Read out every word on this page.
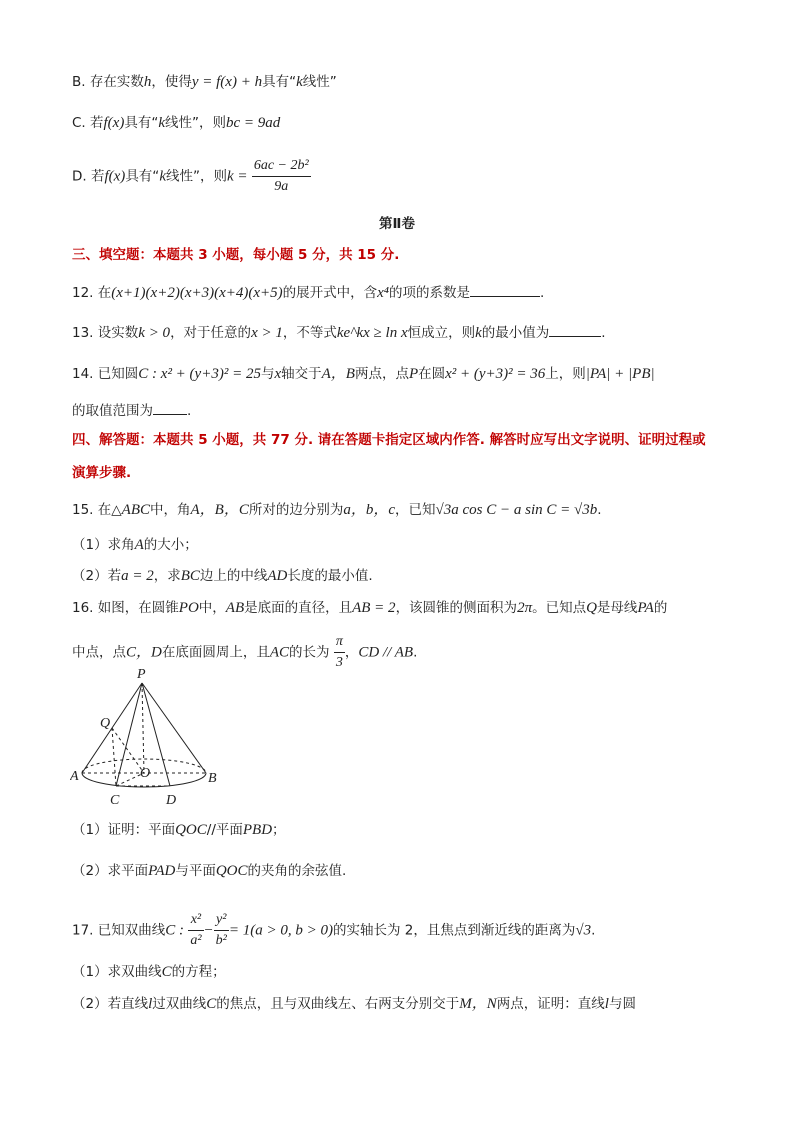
B. 存在实数h，使得y = f(x) + h具有“k线性”
C. 若f(x)具有“k线性”，则bc = 9ad
D. 若f(x)具有“k线性”，则$k = \frac{\text{6ac − 2b²}}{9a}$
第Ⅱ卷
三、填空题：本题共 3 小题，每小题 5 分，共 15 分.
12. 在(x+1)(x+2)(x+3)(x+4)(x+5)的展开式中，含x⁴的项的系数是	.
13. 设实数k > 0，对于任意的x > 1，不等式ke^kx ≥ ln x恒成立，则k的最小值为	.
14. 已知圆C : x² + (y+3)² = 25与x轴交于A，B两点，点P在圆x² + (y+3)² = 36上，则|PA| + |PB|
的取值范围为	.
四、解答题：本题共 5 小题，共 77 分. 请在答题卡指定区域内作答. 解答时应写出文字说明、证明过程或
演算步骤.
15. 在△ABC中，角A，B，C所对的边分别为a，b，c，已知√3a cos C − a sin C = √3b.
（1）求角A的大小；
（2）若a = 2，求BC边上的中线AD长度的最小值.
16. 如图，在圆锥PO中，AB是底面的直径，且AB = 2，该圆锥的侧面积为2π。已知点Q是母线PA的
中点，点C，D在底面圆周上，且AC的长为 $\frac{\pi}{3}$ ，CD // AB.
P
Q
O
A	B
C	D
（1）证明：平面QOC//平面PBD；
（2）求平面PAD与平面QOC的夹角的余弦值.
17. 已知双曲线C : $\frac{\text{x²}}{\text{a²}} - \frac{\text{y²}}{\text{b²}} = 1(a > 0$, b > 0)的实轴长为 2，且焦点到渐近线的距离为√3.
（1）求双曲线C的方程；
（2）若直线l过双曲线C的焦点，且与双曲线左、右两支分别交于M，N两点，证明：直线l与圆
